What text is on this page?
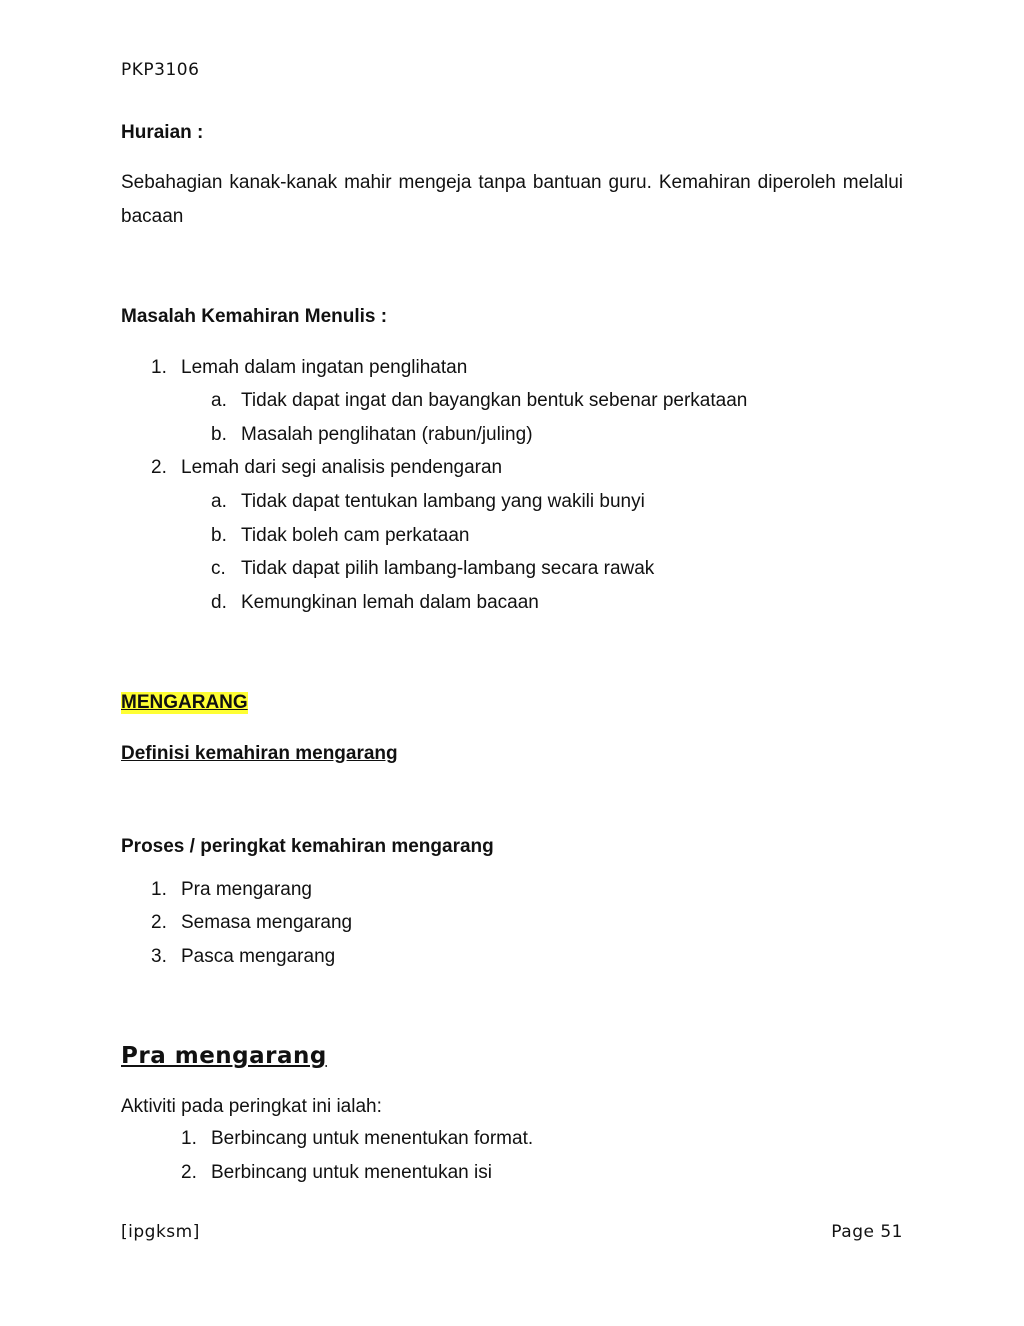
PKP3106
Huraian :
Sebahagian kanak-kanak mahir mengeja tanpa bantuan guru. Kemahiran diperoleh melalui bacaan
Masalah Kemahiran Menulis :
1. Lemah dalam ingatan penglihatan
a. Tidak dapat ingat dan bayangkan bentuk sebenar perkataan
b. Masalah penglihatan (rabun/juling)
2. Lemah dari segi analisis pendengaran
a. Tidak dapat tentukan lambang yang wakili bunyi
b. Tidak boleh cam perkataan
c. Tidak dapat pilih lambang-lambang secara rawak
d. Kemungkinan lemah dalam bacaan
MENGARANG
Definisi kemahiran mengarang
Proses / peringkat kemahiran mengarang
1. Pra mengarang
2. Semasa mengarang
3. Pasca mengarang
Pra mengarang
Aktiviti pada peringkat ini ialah:
1. Berbincang untuk menentukan format.
2. Berbincang untuk menentukan isi
[ipgksm]	Page 51
